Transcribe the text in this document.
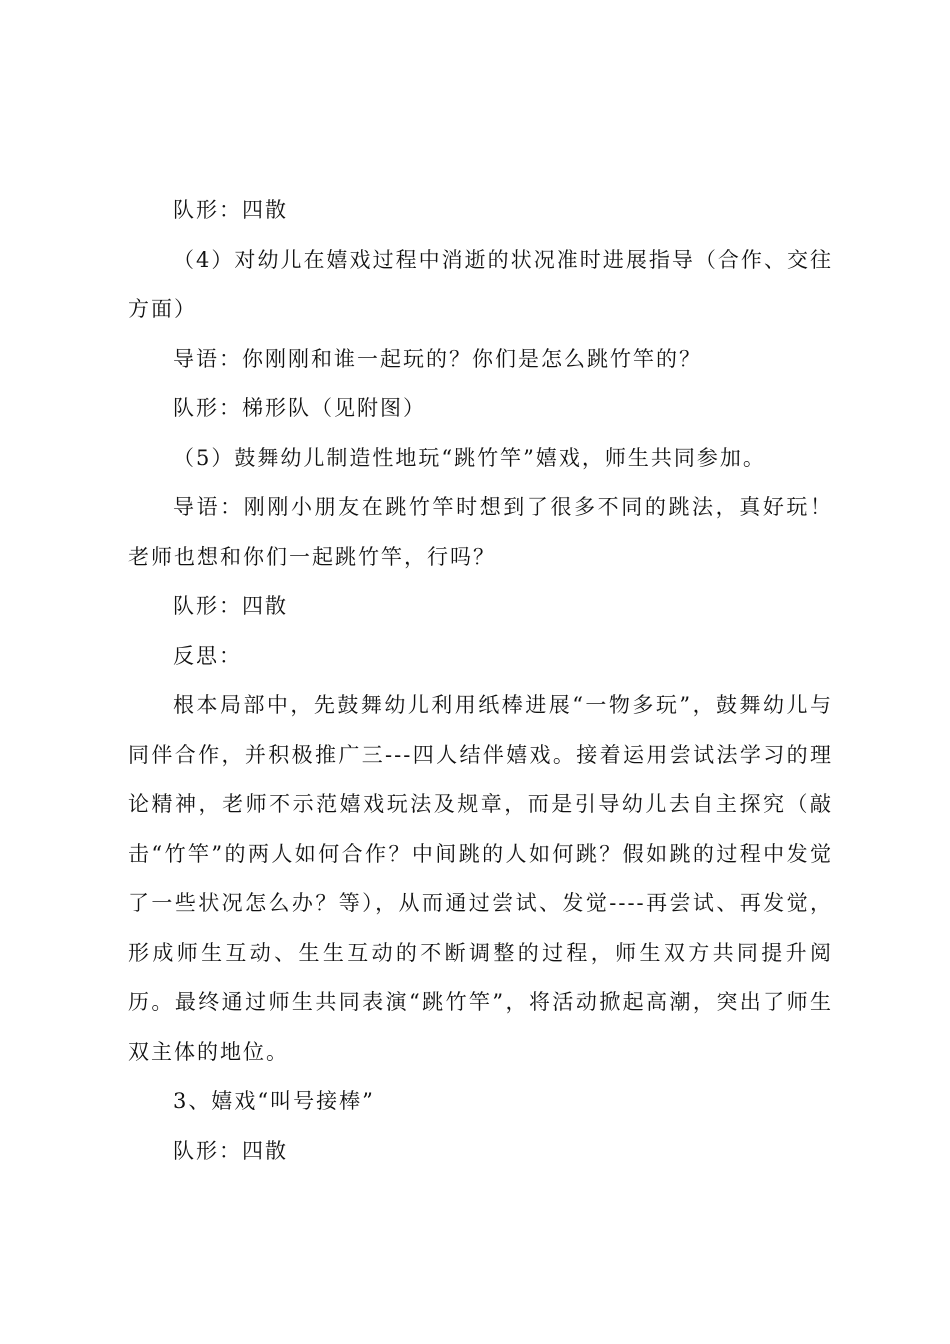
队形：四散

（4）对幼儿在嬉戏过程中消逝的状况准时进展指导（合作、交往方面）

导语：你刚刚和谁一起玩的？你们是怎么跳竹竿的？

队形：梯形队（见附图）

（5）鼓舞幼儿制造性地玩“跳竹竿”嬉戏，师生共同参加。

导语：刚刚小朋友在跳竹竿时想到了很多不同的跳法，真好玩！老师也想和你们一起跳竹竿，行吗？

队形：四散

反思：

根本局部中，先鼓舞幼儿利用纸棒进展“一物多玩”，鼓舞幼儿与同伴合作，并积极推广三---四人结伴嬉戏。接着运用尝试法学习的理论精神，老师不示范嬉戏玩法及规章，而是引导幼儿去自主探究（敲击“竹竿”的两人如何合作？中间跳的人如何跳？假如跳的过程中发觉了一些状况怎么办？等），从而通过尝试、发觉----再尝试、再发觉，形成师生互动、生生互动的不断调整的过程，师生双方共同提升阅历。最终通过师生共同表演“跳竹竿”，将活动掀起高潮，突出了师生双主体的地位。

3、嬉戏“叫号接棒”

队形：四散
